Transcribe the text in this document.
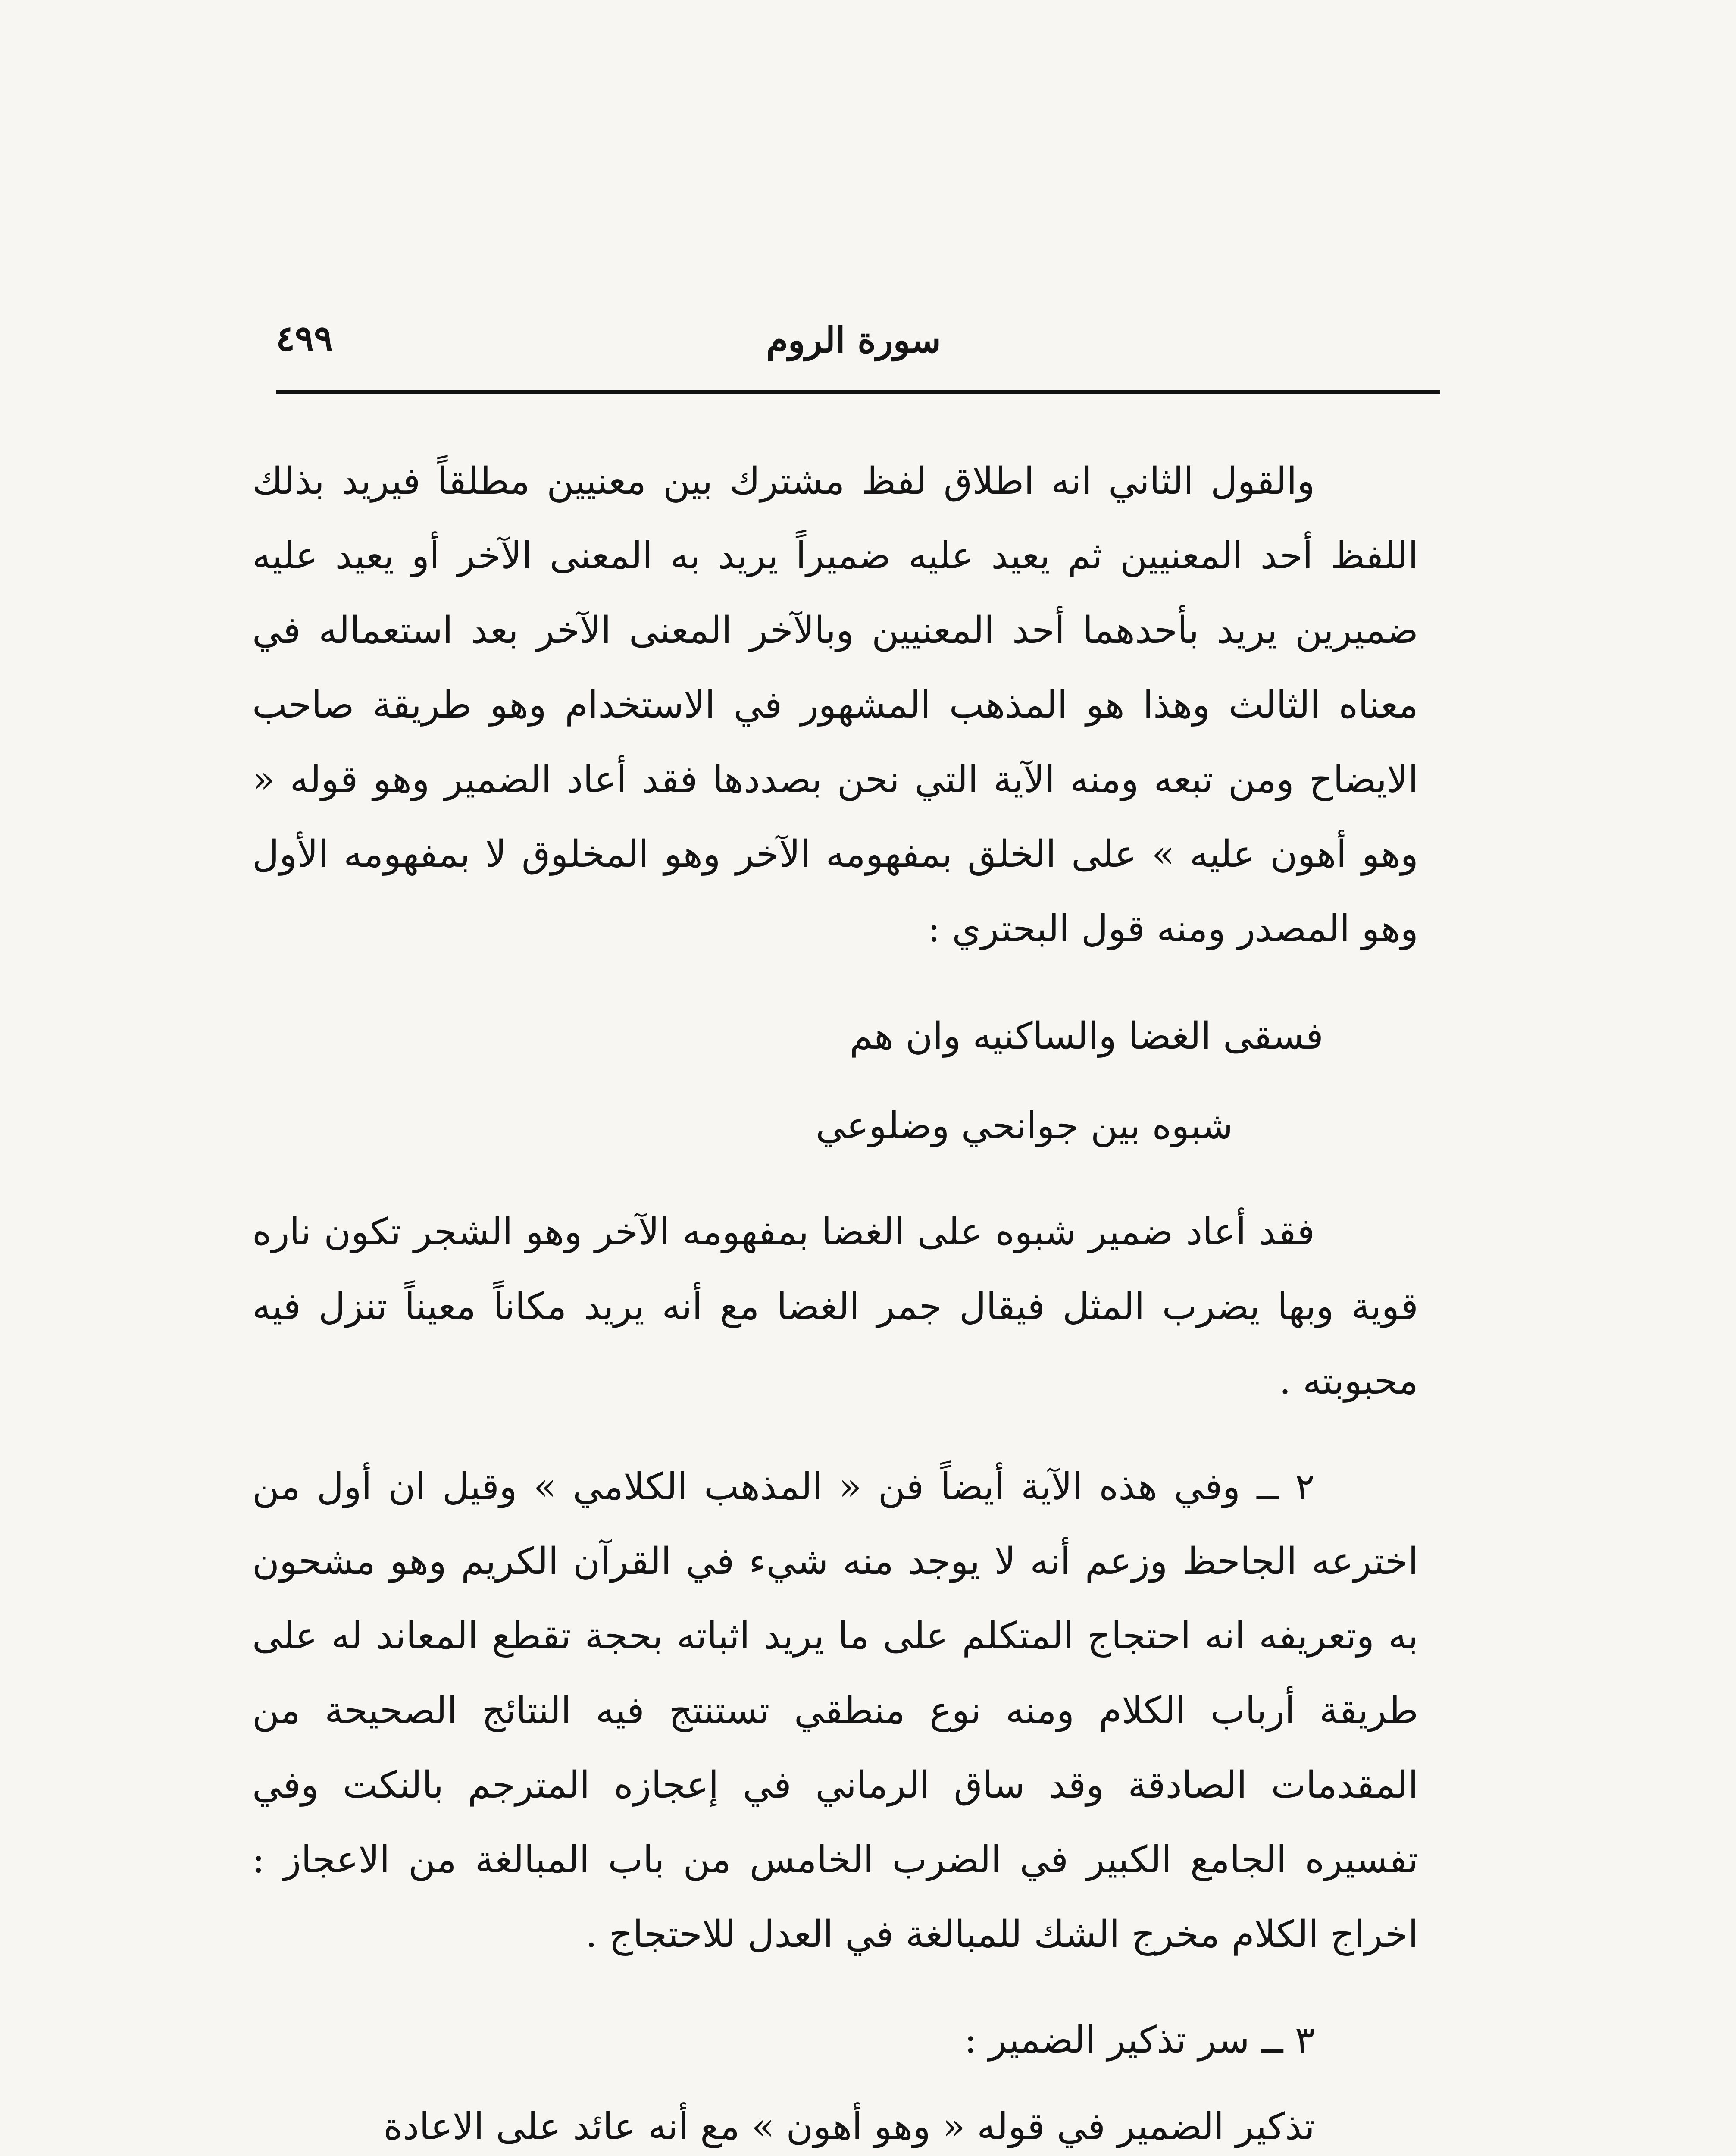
سورة الروم
٤٩٩

والقول الثاني انه اطلاق لفظ مشترك بين معنيين مطلقاً فيريد بذلك اللفظ أحد المعنيين ثم يعيد عليه ضميراً يريد به المعنى الآخر أو يعيد عليه ضميرين يريد بأحدهما أحد المعنيين وبالآخر المعنى الآخر بعد استعماله في معناه الثالث وهذا هو المذهب المشهور في الاستخدام وهو طريقة صاحب الايضاح ومن تبعه ومنه الآية التي نحن بصددها فقد أعاد الضمير وهو قوله « وهو أهون عليه » على الخلق بمفهومه الآخر وهو المخلوق لا بمفهومه الأول وهو المصدر ومنه قول البحتري :

فسقى الغضا والساكنيه وان هم

شبوه بين جوانحي وضلوعي

فقد أعاد ضمير شبوه على الغضا بمفهومه الآخر وهو الشجر تكون ناره قوية وبها يضرب المثل فيقال جمر الغضا مع أنه يريد مكاناً معيناً تنزل فيه محبوبته .

٢ ــ وفي هذه الآية أيضاً فن « المذهب الكلامي » وقيل ان أول من اخترعه الجاحظ وزعم أنه لا يوجد منه شيء في القرآن الكريم وهو مشحون به وتعريفه انه احتجاج المتكلم على ما يريد اثباته بحجة تقطع المعاند له على طريقة أرباب الكلام ومنه نوع منطقي تستنتج فيه النتائج الصحيحة من المقدمات الصادقة وقد ساق الرماني في إعجازه المترجم بالنكت وفي تفسيره الجامع الكبير في الضرب الخامس من باب المبالغة من الاعجاز : اخراج الكلام مخرج الشك للمبالغة في العدل للاحتجاج .

٣ ــ سر تذكير الضمير :

تذكير الضمير في قوله « وهو أهون » مع أنه عائد على الاعادة
